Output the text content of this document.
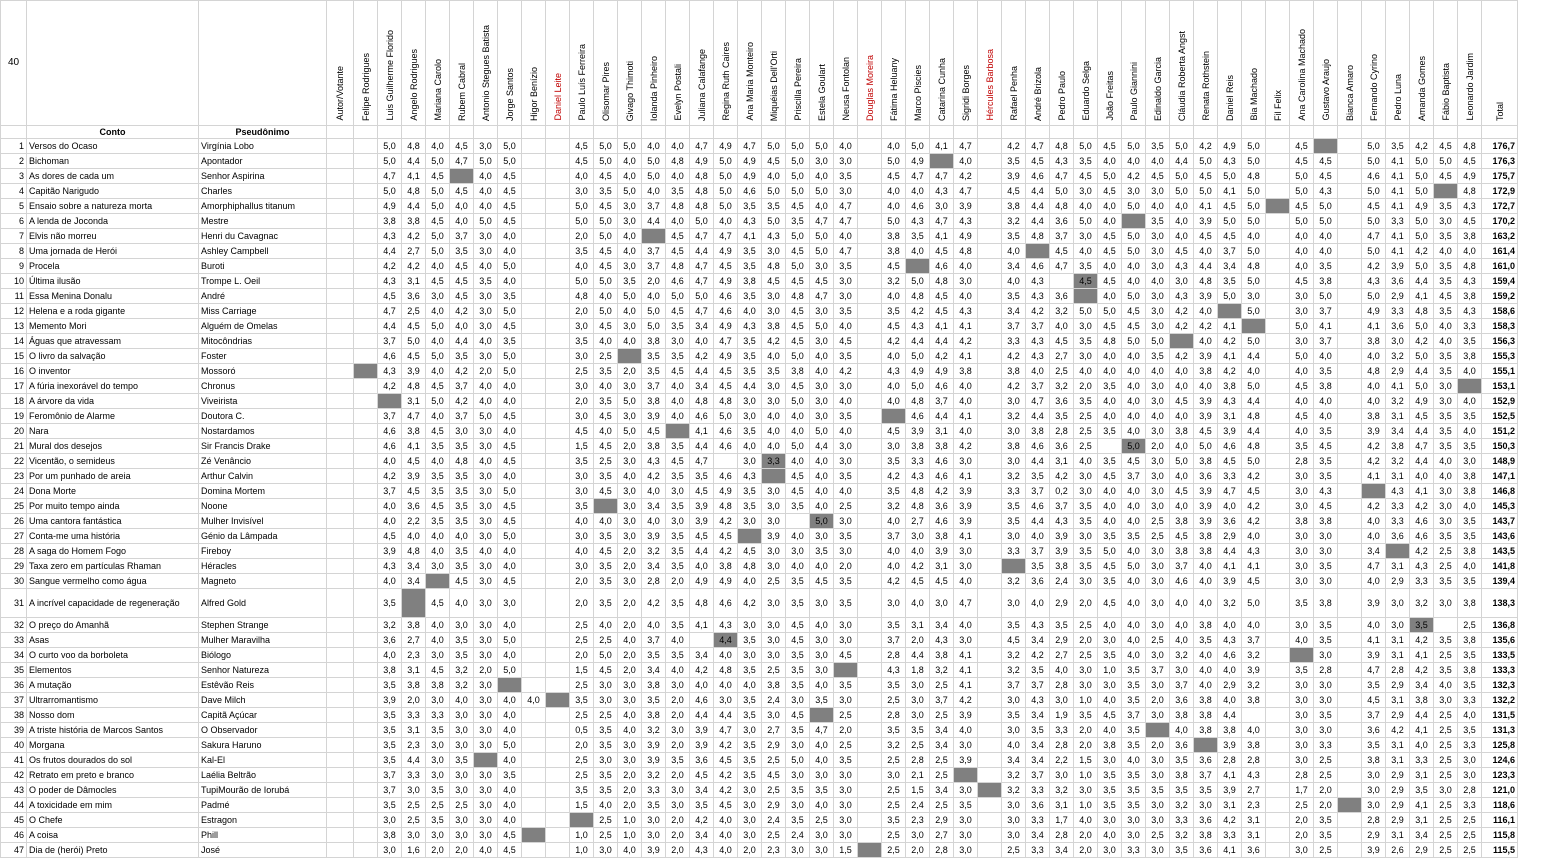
40			Autor/Votante	Felipe Rodrigues	Luis Guilherme Florido	Angelo Rodrigues	Mariana Carolo	Rubem Cabral	Antonio Stegues Batista	Jorge Santos	Higor Benízio	Daniel Leite	Paulo Luís Ferreira	Olisomar Pires	Givago Thimoti	Iolanda Pinheiro	Evelyn Postali	Juliana Calafange	Regina Ruth Caires	Ana Maria Monteiro	Miquéias Dell'Orti	Priscilla Pereira	Estela Goulart	Neusa Fontolan	Douglas Moreira	Fátima Heluany	Marco Piscies	Catarina Cunha	Sigridi Borges	Hércules Barbosa	Rafael Penha	André Brizola	Pedro Paulo	Eduardo Selga	João Freitas	Paulo Giannini	Edinaldo Garcia	Cláudia Roberta Angst	Renata Rothstein	Daniel Reis	Bia Machado	Fil Felix	Ana Carolina Machado	Gustavo Araujo	Bianca Amaro	Fernando Cyrino	Pedro Luna	Amanda Gomes	Fábio Baptista	Leonardo Jardim	Total
	Conto	Pseudônimo																																																	
1	Versos do Ocaso	Virgínia Lobo			5,0	4,8	4,0	4,5	3,0	5,0			4,5	5,0	5,0	4,0	4,0	4,7	4,9	4,7	5,0	5,0	5,0	4,0		4,0	5,0	4,1	4,7		4,2	4,7	4,8	5,0	4,5	5,0	3,5	5,0	4,2	4,9	5,0		4,5			5,0	3,5	4,2	4,5	4,8	176,7
2	Bichoman	Apontador			5,0	4,4	5,0	4,7	5,0	5,0			4,5	5,0	4,0	5,0	4,8	4,9	5,0	4,9	4,5	5,0	3,0	3,0		5,0	4,9		4,0		3,5	4,5	4,3	3,5	4,0	4,0	4,0	4,4	5,0	4,3	5,0		4,5	4,5		5,0	4,1	5,0	5,0	4,5	176,3
3	As dores de cada um	Senhor Aspirina			4,7	4,1	4,5		4,0	4,5			4,0	4,5	4,0	5,0	4,0	4,8	5,0	4,9	4,0	5,0	4,0	3,5		4,5	4,7	4,7	4,2		3,9	4,6	4,7	4,5	5,0	4,2	4,5	5,0	4,5	5,0	4,8		5,0	4,5		4,6	4,1	5,0	4,5	4,9	175,7
4	Capitão Narigudo	Charles			5,0	4,8	5,0	4,5	4,0	4,5			3,0	3,5	5,0	4,0	3,5	4,8	5,0	4,6	5,0	5,0	5,0	3,0		4,0	4,0	4,3	4,7		4,5	4,4	5,0	3,0	4,5	3,0	3,0	5,0	5,0	4,1	5,0		5,0	4,3		5,0	4,1	5,0		4,8	172,9
5	Ensaio sobre a natureza morta	Amorphiphallus titanum			4,9	4,4	5,0	4,0	4,0	4,5			5,0	4,5	3,0	3,7	4,8	4,8	5,0	3,5	3,5	4,5	4,0	4,7		4,0	4,6	3,0	3,9		3,8	4,4	4,8	4,0	4,0	5,0	4,0	4,0	4,1	4,5	5,0		4,5	5,0		4,5	4,1	4,9	3,5	4,3	172,7
6	A lenda de Joconda	Mestre			3,8	3,8	4,5	4,0	5,0	4,5			5,0	5,0	3,0	4,4	4,0	5,0	4,0	4,3	5,0	3,5	4,7	4,7		5,0	4,3	4,7	4,3		3,2	4,4	3,6	5,0	4,0		3,5	4,0	3,9	5,0	5,0		5,0	5,0		5,0	3,3	5,0	3,0	4,5	170,2
7	Elvis não morreu	Henri du Cavagnac			4,3	4,2	5,0	3,7	3,0	4,0			2,0	5,0	4,0		4,5	4,7	4,7	4,1	4,3	5,0	5,0	4,0		3,8	3,5	4,1	4,9		3,5	4,8	3,7	3,0	4,5	5,0	3,0	4,0	4,5	4,5	4,0		4,0	4,0		4,7	4,1	5,0	3,5	3,8	163,2
8	Uma jornada de Herói	Ashley Campbell			4,4	2,7	5,0	3,5	3,0	4,0			3,5	4,5	4,0	3,7	4,5	4,4	4,9	3,5	3,0	4,5	5,0	4,7		3,8	4,0	4,5	4,8		4,0		4,5	4,0	4,5	5,0	3,0	4,5	4,0	3,7	5,0		4,0	4,0		5,0	4,1	4,2	4,0	4,0	161,4
9	Procela	Buroti			4,2	4,2	4,0	4,5	4,0	5,0			4,0	4,5	3,0	3,7	4,8	4,7	4,5	3,5	4,8	5,0	3,0	3,5		4,5		4,6	4,0		3,4	4,6	4,7	3,5	4,0	4,0	3,0	4,3	4,4	3,4	4,8		4,0	3,5		4,2	3,9	5,0	3,5	4,8	161,0
10	Última ilusão	Trompe L. Oeil			4,3	3,1	4,5	4,5	3,5	4,0			5,0	5,0	3,5	2,0	4,6	4,7	4,9	3,8	4,5	4,5	4,5	3,0		3,2	5,0	4,8	3,0		4,0	4,3		4,5	4,5	4,0	4,0	3,0	4,8	3,5	5,0		4,5	3,8		4,3	3,6	4,4	3,5	4,3	159,4
11	Essa Menina Donalu	André			4,5	3,6	3,0	4,5	3,0	3,5			4,8	4,0	5,0	4,0	5,0	5,0	4,6	3,5	3,0	4,8	4,7	3,0		4,0	4,8	4,5	4,0		3,5	4,3	3,6		4,0	5,0	3,0	4,3	3,9	5,0	3,0		3,0	5,0		5,0	2,9	4,1	4,5	3,8	159,2
12	Helena e a roda gigante	Miss Carriage			4,7	2,5	4,0	4,2	3,0	5,0			2,0	5,0	4,0	5,0	4,5	4,7	4,6	4,0	3,0	4,5	3,0	3,5		3,5	4,2	4,5	4,3		3,4	4,2	3,2	5,0	5,0	4,5	3,0	4,2	4,0		5,0		3,0	3,7		4,9	3,3	4,8	3,5	4,3	158,6
13	Memento Mori	Alguém de Omelas			4,4	4,5	5,0	4,0	3,0	4,5			3,0	4,5	3,0	5,0	3,5	3,4	4,9	4,3	3,8	4,5	5,0	4,0		4,5	4,3	4,1	4,1		3,7	3,7	4,0	3,0	4,5	4,5	3,0	4,2	4,2	4,1			5,0	4,1		4,1	3,6	5,0	4,0	3,3	158,3
14	Águas que atravessam	Mitocôndrias			3,7	5,0	4,0	4,4	4,0	3,5			3,5	4,0	4,0	3,8	3,0	4,0	4,7	3,5	4,2	4,5	3,0	4,5		4,2	4,4	4,4	4,2		3,3	4,3	4,5	3,5	4,8	5,0	5,0		4,0	4,2	5,0		3,0	3,7		3,8	3,0	4,2	4,0	3,5	156,3
15	O livro da salvação	Foster			4,6	4,5	5,0	3,5	3,0	5,0			3,0	2,5		3,5	3,5	4,2	4,9	3,5	4,0	5,0	4,0	3,5		4,0	5,0	4,2	4,1		4,2	4,3	2,7	3,0	4,0	4,0	3,5	4,2	3,9	4,1	4,4		5,0	4,0		4,0	3,2	5,0	3,5	3,8	155,3
16	O inventor	Mossoró			4,3	3,9	4,0	4,2	2,0	5,0			2,5	3,5	2,0	3,5	4,5	4,4	4,5	3,5	3,5	3,8	4,0	4,2		4,3	4,9	4,9	3,8		3,8	4,0	2,5	4,0	4,0	4,0	4,0	4,0	3,8	4,2	4,0		4,0	3,5		4,8	2,9	4,4	3,5	4,0	155,1
17	A fúria inexorável do tempo	Chronus			4,2	4,8	4,5	3,7	4,0	4,0			3,0	4,0	3,0	3,7	4,0	3,4	4,5	4,4	3,0	4,5	3,0	3,0		4,0	5,0	4,6	4,0		4,2	3,7	3,2	2,0	3,5	4,0	3,0	4,0	4,0	3,8	5,0		4,5	3,8		4,0	4,1	5,0	3,0		153,1
18	A árvore da vida	Viveirista				3,1	5,0	4,2	4,0	4,0			2,0	3,5	5,0	3,8	4,0	4,8	4,8	3,0	3,0	5,0	3,0	4,0		4,0	4,8	3,7	4,0		3,0	4,7	3,6	3,5	4,0	4,0	3,0	4,5	3,9	4,3	4,4		4,0	4,0		4,0	3,2	4,9	3,0	4,0	152,9
19	Feromônio de Alarme	Doutora C.			3,7	4,7	4,0	3,7	5,0	4,5			3,0	4,5	3,0	3,9	4,0	4,6	5,0	3,0	4,0	4,0	3,0	3,5			4,6	4,4	4,1		3,2	4,4	3,5	2,5	4,0	4,0	4,0	4,0	3,9	3,1	4,8		4,5	4,0		3,8	3,1	4,5	3,5	3,5	152,5
20	Nara	Nostardamos			4,6	3,8	4,5	3,0	3,0	4,0			4,5	4,0	5,0	4,5		4,1	4,6	3,5	4,0	4,0	5,0	4,0		4,5	3,9	3,1	4,0		3,0	3,8	2,8	2,5	3,5	4,0	3,0	3,8	4,5	3,9	4,4		4,0	3,5		3,9	3,4	4,4	3,5	4,0	151,2
21	Mural dos desejos	Sir Francis Drake			4,6	4,1	3,5	3,5	3,0	4,5			1,5	4,5	2,0	3,8	3,5	4,4	4,6	4,0	4,0	5,0	4,4	3,0		3,0	3,8	3,8	4,2		3,8	4,6	3,6	2,5		5,0	2,0	4,0	5,0	4,6	4,8		3,5	4,5		4,2	3,8	4,7	3,5	3,5	150,3
22	Vicentão, o semideus	Zé Venâncio			4,0	4,5	4,0	4,8	4,0	4,5			3,5	2,5	3,0	4,3	4,5	4,7		3,0	3,3	4,0	4,0	3,0		3,5	3,3	4,6	3,0		3,0	4,4	3,1	4,0	3,5	4,5	3,0	5,0	3,8	4,5	5,0		2,8	3,5		4,2	3,2	4,4	4,0	3,0	148,9
23	Por um punhado de areia	Arthur Calvin			4,2	3,9	3,5	3,5	3,0	4,0			3,0	3,5	4,0	4,2	3,5	3,5	4,6	4,3		4,5	4,0	3,5		4,2	4,3	4,6	4,1		3,2	3,5	4,2	3,0	4,5	3,7	3,0	4,0	3,6	3,3	4,2		3,0	3,5		4,1	3,1	4,0	4,0	3,8	147,1
24	Dona Morte	Domina Mortem			3,7	4,5	3,5	3,5	3,0	5,0			3,0	4,5	3,0	4,0	3,0	4,5	4,9	3,5	3,0	4,5	4,0	4,0		3,5	4,8	4,2	3,9		3,3	3,7	0,2	3,0	4,0	4,0	3,0	4,5	3,9	4,7	4,5		3,0	4,3			4,3	4,1	3,0	3,8	146,8
25	Por muito tempo ainda	Noone			4,0	3,6	4,5	3,5	3,0	4,5			3,5		3,0	3,4	3,5	3,9	4,8	3,5	3,0	3,5	4,0	2,5		3,2	4,8	3,6	3,9		3,5	4,6	3,7	3,5	4,0	4,0	3,0	4,0	3,9	4,0	4,2		3,0	4,5		4,2	3,3	4,2	3,0	4,0	145,3
26	Uma cantora fantástica	Mulher Invisível			4,0	2,2	3,5	3,5	3,0	4,5			4,0	4,0	3,0	4,0	3,0	3,9	4,2	3,0	3,0		5,0	3,0		4,0	2,7	4,6	3,9		3,5	4,4	4,3	3,5	4,0	4,0	2,5	3,8	3,9	3,6	4,2		3,8	3,8		4,0	3,3	4,6	3,0	3,5	143,7
27	Conta-me uma história	Génio da Lâmpada			4,5	4,0	4,0	4,0	3,0	5,0			3,0	3,5	3,0	3,9	3,5	4,5	4,5		3,9	4,0	3,0	3,5		3,7	3,0	3,8	4,1		3,0	4,0	3,9	3,0	3,5	3,5	2,5	4,5	3,8	2,9	4,0		3,0	3,0		4,0	3,6	4,6	3,5	3,5	143,6
28	A saga do Homem Fogo	Fireboy			3,9	4,8	4,0	3,5	4,0	4,0			4,0	4,5	2,0	3,2	3,5	4,4	4,2	4,5	3,0	3,0	3,5	3,0		4,0	4,0	3,9	3,0		3,3	3,7	3,9	3,5	5,0	4,0	3,0	3,8	3,8	4,4	4,3		3,0	3,0		3,4		4,2	2,5	3,8	143,5
29	Taxa zero em partículas Rhaman	Héracles			4,3	3,4	3,0	3,5	3,0	4,0			3,0	3,5	2,0	3,4	3,5	4,0	3,8	4,8	3,0	4,0	4,0	2,0		4,0	4,2	3,1	3,0			3,5	3,8	3,5	4,5	5,0	3,0	3,7	4,0	4,1	4,1		3,0	3,5		4,7	3,1	4,3	2,5	4,0	141,8
30	Sangue vermelho como água	Magneto			4,0	3,4		4,5	3,0	4,5			2,0	3,5	3,0	2,8	2,0	4,9	4,9	4,0	2,5	3,5	4,5	3,5		4,2	4,5	4,5	4,0		3,2	3,6	2,4	3,0	3,5	4,0	3,0	4,6	4,0	3,9	4,5		3,0	3,0		4,0	2,9	3,3	3,5	3,5	139,4
31	A incrível capacidade de regeneração	Alfred Gold			3,5		4,5	4,0	3,0	3,0			2,0	3,5	2,0	4,2	3,5	4,8	4,6	4,2	3,0	3,5	3,0	3,5		3,0	4,0	3,0	4,7		3,0	4,0	2,9	2,0	4,5	4,0	3,0	4,0	4,0	3,2	5,0		3,5	3,8		3,9	3,0	3,2	3,0	3,8	138,3
32	O preço do Amanhã	Stephen Strange			3,2	3,8	4,0	3,0	3,0	4,0			2,5	4,0	2,0	4,0	3,5	4,1	4,3	3,0	3,0	4,5	4,0	3,0		3,5	3,1	3,4	4,0		3,5	4,3	3,5	2,5	4,0	4,0	3,0	4,0	3,8	4,0	4,0		3,0	3,5		4,0	3,0	3,5		2,5	136,8
33	Asas	Mulher Maravilha			3,6	2,7	4,0	3,5	3,0	5,0			2,5	2,5	4,0	3,7	4,0		4,4	3,5	3,0	4,5	3,0	3,0		3,7	2,0	4,3	3,0		4,5	3,4	2,9	2,0	3,0	4,0	2,5	4,0	3,5	4,3	3,7		4,0	3,5		4,1	3,1	4,2	3,5	3,8	135,6
34	O curto voo da borboleta	Biólogo			4,0	2,3	3,0	3,5	3,0	4,0			2,0	5,0	2,0	3,5	3,5	3,4	4,0	3,0	3,0	3,5	3,0	4,5		2,8	4,4	3,8	4,1		3,2	4,2	2,7	2,5	3,5	4,0	3,0	3,2	4,0	4,6	3,2			3,0		3,9	3,1	4,1	2,5	3,5	133,5
35	Elementos	Senhor Natureza			3,8	3,1	4,5	3,2	2,0	5,0			1,5	4,5	2,0	3,4	4,0	4,2	4,8	3,5	2,5	3,5	3,0			4,3	1,8	3,2	4,1		3,2	3,5	4,0	3,0	1,0	3,5	3,7	3,0	4,0	4,0	3,9		3,5	2,8		4,7	2,8	4,2	3,5	3,8	133,3
36	A mutação	Estêvão Reis			3,5	3,8	3,8	3,2	3,0				2,5	3,0	3,0	3,8	3,0	4,0	4,0	4,0	3,8	3,5	4,0	3,5		3,5	3,0	2,5	4,1		3,7	3,7	2,8	3,0	3,0	3,5	3,0	3,7	4,0	2,9	3,2		3,0	3,0		3,5	2,9	3,4	4,0	3,5	132,3
37	Ultrarromantismo	Dave Milch			3,9	2,0	3,0	4,0	3,0	4,0	4,0		3,5	3,0	3,0	3,5	2,0	4,6	3,0	3,5	2,4	3,0	3,5	3,0		2,5	3,0	3,7	4,2		3,0	4,3	3,0	1,0	4,0	3,5	2,0	3,6	3,8	4,0	3,8		3,0	3,0		4,5	3,1	3,8	3,0	3,3	132,2
38	Nosso dom	Capitã Açúcar			3,5	3,3	3,3	3,0	3,0	4,0			2,5	2,5	4,0	3,8	2,0	4,4	4,4	3,5	3,0	4,5		2,5		2,8	3,0	2,5	3,9		3,5	3,4	1,9	3,5	4,5	3,7	3,0	3,8	3,8	4,4			3,0	3,5		3,7	2,9	4,4	2,5	4,0	131,5
39	A triste história de Marcos Santos	O Observador			3,5	3,1	3,5	3,0	3,0	4,0			0,5	3,5	4,0	3,2	3,0	3,9	4,7	3,0	2,7	3,5	4,7	2,0		3,5	3,5	3,4	4,0		3,0	3,5	3,3	2,0	4,0	3,5		4,0	3,8	3,8	4,0		3,0	3,0		3,6	4,2	4,1	2,5	3,5	131,3
40	Morgana	Sakura Haruno			3,5	2,3	3,0	3,0	3,0	5,0			2,0	3,5	3,0	3,9	2,0	3,9	4,2	3,5	2,9	3,0	4,0	2,5		3,2	2,5	3,4	3,0		4,0	3,4	2,8	2,0	3,8	3,5	2,0	3,6		3,9	3,8		3,0	3,3		3,5	3,1	4,0	2,5	3,3	125,8
41	Os frutos dourados do sol	Kal-El			3,5	4,4	3,0	3,5		4,0			2,5	3,0	3,0	3,9	3,5	3,6	4,5	3,5	2,5	5,0	4,0	3,5		2,5	2,8	2,5	3,9		3,4	3,4	2,2	1,5	3,0	4,0	3,0	3,5	3,6	2,8	2,8		3,0	2,5		3,8	3,1	3,3	2,5	3,0	124,6
42	Retrato em preto e branco	Laélia Beltrão			3,7	3,3	3,0	3,0	3,0	3,5			2,5	3,5	2,0	3,2	2,0	4,5	4,2	3,5	4,5	3,0	3,0	3,0		3,0	2,1	2,5			3,2	3,7	3,0	1,0	3,5	3,5	3,0	3,8	3,7	4,1	4,3		2,8	2,5		3,0	2,9	3,1	2,5	3,0	123,3
43	O poder de Dâmocles	TupiMourão de Iorubá			3,7	3,0	3,5	3,0	3,0	4,0			3,5	3,5	2,0	3,3	3,0	3,4	4,2	3,0	2,5	3,5	3,5	3,0		2,5	1,5	3,4	3,0		3,2	3,3	3,2	3,0	3,5	3,5	3,5	3,5	3,5	3,9	2,7		1,7	2,0		3,0	2,9	3,5	3,0	2,8	121,0
44	A toxicidade em mim	Padmé			3,5	2,5	2,5	2,5	3,0	4,0			1,5	4,0	2,0	3,5	3,0	3,5	4,5	3,0	2,9	3,0	4,0	3,0		2,5	2,4	2,5	3,5		3,0	3,6	3,1	1,0	3,5	3,5	3,0	3,2	3,0	3,1	2,3		2,5	2,0		3,0	2,9	4,1	2,5	3,3	118,6
45	O Chefe	Estragon			3,0	2,5	3,5	3,0	3,0	4,0				2,5	1,0	3,0	2,0	4,2	4,0	3,0	2,4	3,5	2,5	3,0		3,5	2,3	2,9	3,0		3,0	3,3	1,7	4,0	3,0	3,0	3,0	3,3	3,6	4,2	3,1		2,0	3,5		2,8	2,9	3,1	2,5	2,5	116,1
46	A coisa	Phill			3,8	3,0	3,0	3,0	3,0	4,5			1,0	2,5	1,0	3,0	2,0	3,4	4,0	3,0	2,5	2,4	3,0	3,0		2,5	3,0	2,7	3,0		3,0	3,4	2,8	2,0	4,0	3,0	2,5	3,2	3,8	3,3	3,1		2,0	3,5		2,9	3,1	3,4	2,5	2,5	115,8
47	Dia de (herói) Preto	José			3,0	1,6	2,0	2,0	4,0	4,5			1,0	3,0	4,0	3,9	2,0	4,3	4,0	2,0	2,3	3,0	3,0	1,5		2,5	2,0	2,8	3,0		2,5	3,3	3,4	2,0	3,0	3,3	3,0	3,5	3,6	4,1	3,6		3,0	2,5		3,9	2,6	2,9	2,5	2,5	115,5
